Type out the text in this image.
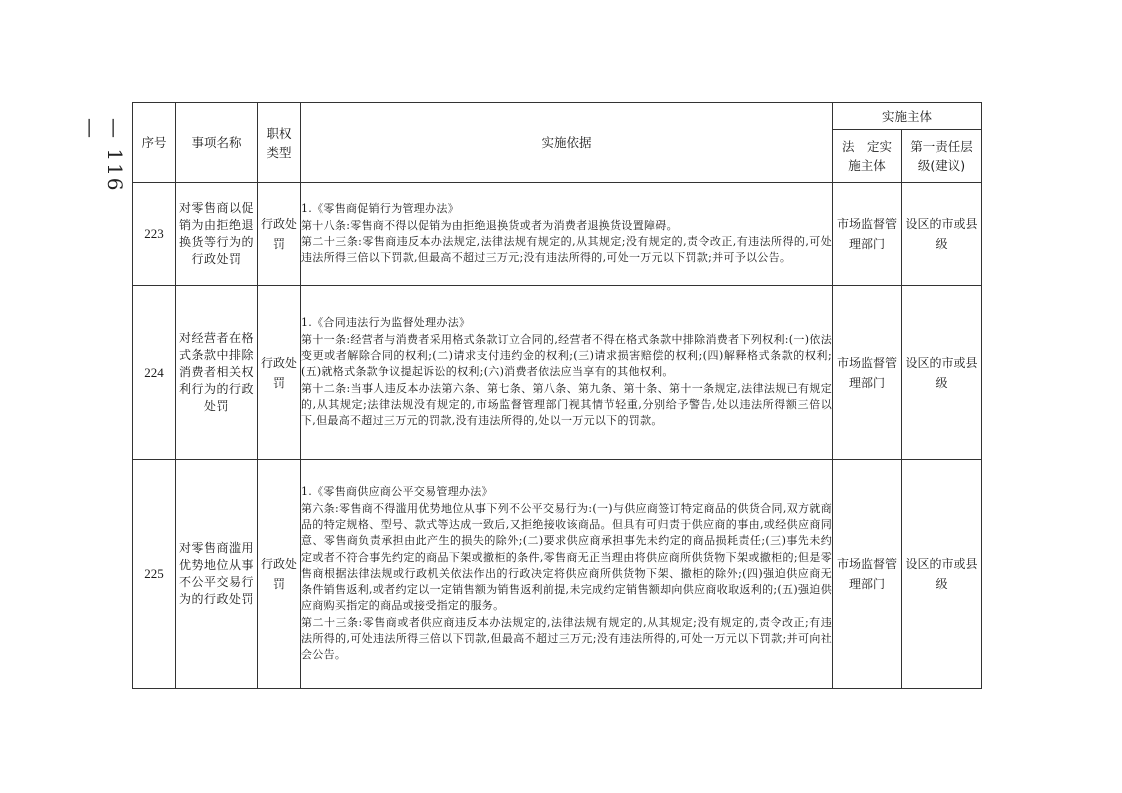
— 116 —
序号	事项名称	职权类型	实施依据	实施主体	
				法　定实施主体	第一责任层级(建议)
223	对零售商以促销为由拒绝退换货等行为的行政处罚	行政处罚	1.《零售商促销行为管理办法》
第十八条:零售商不得以促销为由拒绝退换货或者为消费者退换货设置障碍。
第二十三条:零售商违反本办法规定,法律法规有规定的,从其规定;没有规定的,责令改正,有违法所得的,可处违法所得三倍以下罚款,但最高不超过三万元;没有违法所得的,可处一万元以下罚款;并可予以公告。	市场监督管理部门	设区的市或县级
224	对经营者在格式条款中排除消费者相关权利行为的行政处罚	行政处罚	1.《合同违法行为监督处理办法》
第十一条:经营者与消费者采用格式条款订立合同的,经营者不得在格式条款中排除消费者下列权利:(一)依法变更或者解除合同的权利;(二)请求支付违约金的权利;(三)请求损害赔偿的权利;(四)解释格式条款的权利;(五)就格式条款争议提起诉讼的权利;(六)消费者依法应当享有的其他权利。
第十二条:当事人违反本办法第六条、第七条、第八条、第九条、第十条、第十一条规定,法律法规已有规定的,从其规定;法律法规没有规定的,市场监督管理部门视其情节轻重,分别给予警告,处以违法所得额三倍以下,但最高不超过三万元的罚款,没有违法所得的,处以一万元以下的罚款。	市场监督管理部门	设区的市或县级
225	对零售商滥用优势地位从事不公平交易行为的行政处罚	行政处罚	1.《零售商供应商公平交易管理办法》
第六条:零售商不得滥用优势地位从事下列不公平交易行为:(一)与供应商签订特定商品的供货合同,双方就商品的特定规格、型号、款式等达成一致后,又拒绝接收该商品。但具有可归责于供应商的事由,或经供应商同意、零售商负责承担由此产生的损失的除外;(二)要求供应商承担事先未约定的商品损耗责任;(三)事先未约定或者不符合事先约定的商品下架或撤柜的条件,零售商无正当理由将供应商所供货物下架或撤柜的;但是零售商根据法律法规或行政机关依法作出的行政决定将供应商所供货物下架、撤柜的除外;(四)强迫供应商无条件销售返利,或者约定以一定销售额为销售返利前提,未完成约定销售额却向供应商收取返利的;(五)强迫供应商购买指定的商品或接受指定的服务。
第二十三条:零售商或者供应商违反本办法规定的,法律法规有规定的,从其规定;没有规定的,责令改正;有违法所得的,可处违法所得三倍以下罚款,但最高不超过三万元;没有违法所得的,可处一万元以下罚款;并可向社会公告。	市场监督管理部门	设区的市或县级
